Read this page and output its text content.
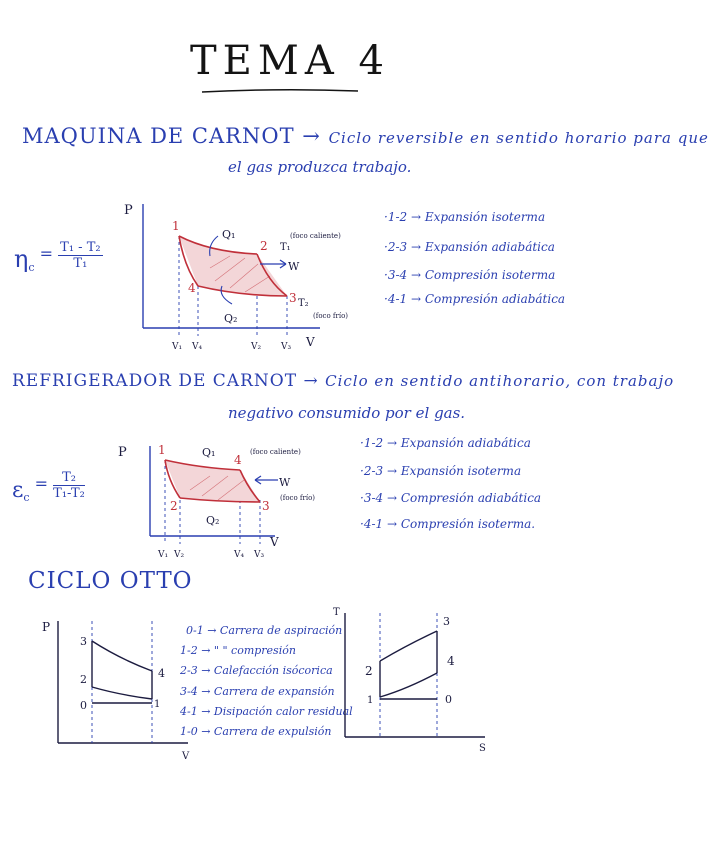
TEMA 4
MAQUINA DE CARNOT → Ciclo reversible en sentido horario para que
el gas produzca trabajo.
$\eta_c = \frac{\text{T₁ - T₂}}{\text{T₁}}$
P
V
1
2
3
4
Q₁
Q₂
W
T₁
(foco caliente)
T₂
(foco frío)
V₁ V₄	V₂ V₃
·1-2 → Expansión isoterma
·2-3 → Expansión adiabática
·3-4 → Compresión isoterma
·4-1 → Compresión adiabática
REFRIGERADOR DE CARNOT → Ciclo en sentido antihorario, con trabajo
negativo consumido por el gas.
$\varepsilon_c = \frac{\text{T₂}}{\text{T₁-T₂}}$
P
V
1
2	3
4
Q₁
Q₂
W
(foco caliente)
(foco frío)
V₁ V₂	V₄ V₃
·1-2 → Expansión adiabática
·2-3 → Expansión isoterma
·3-4 → Compresión adiabática
·4-1 → Compresión isoterma.
CICLO OTTO
P
V
3
2
0
4
1
0-1 → Carrera de aspiración
1-2 → " " compresión
2-3 → Calefacción isócorica
3-4 → Carrera de expansión
4-1 → Disipación calor residual
1-0 → Carrera de expulsión
T
S
3
2
4
1	0
